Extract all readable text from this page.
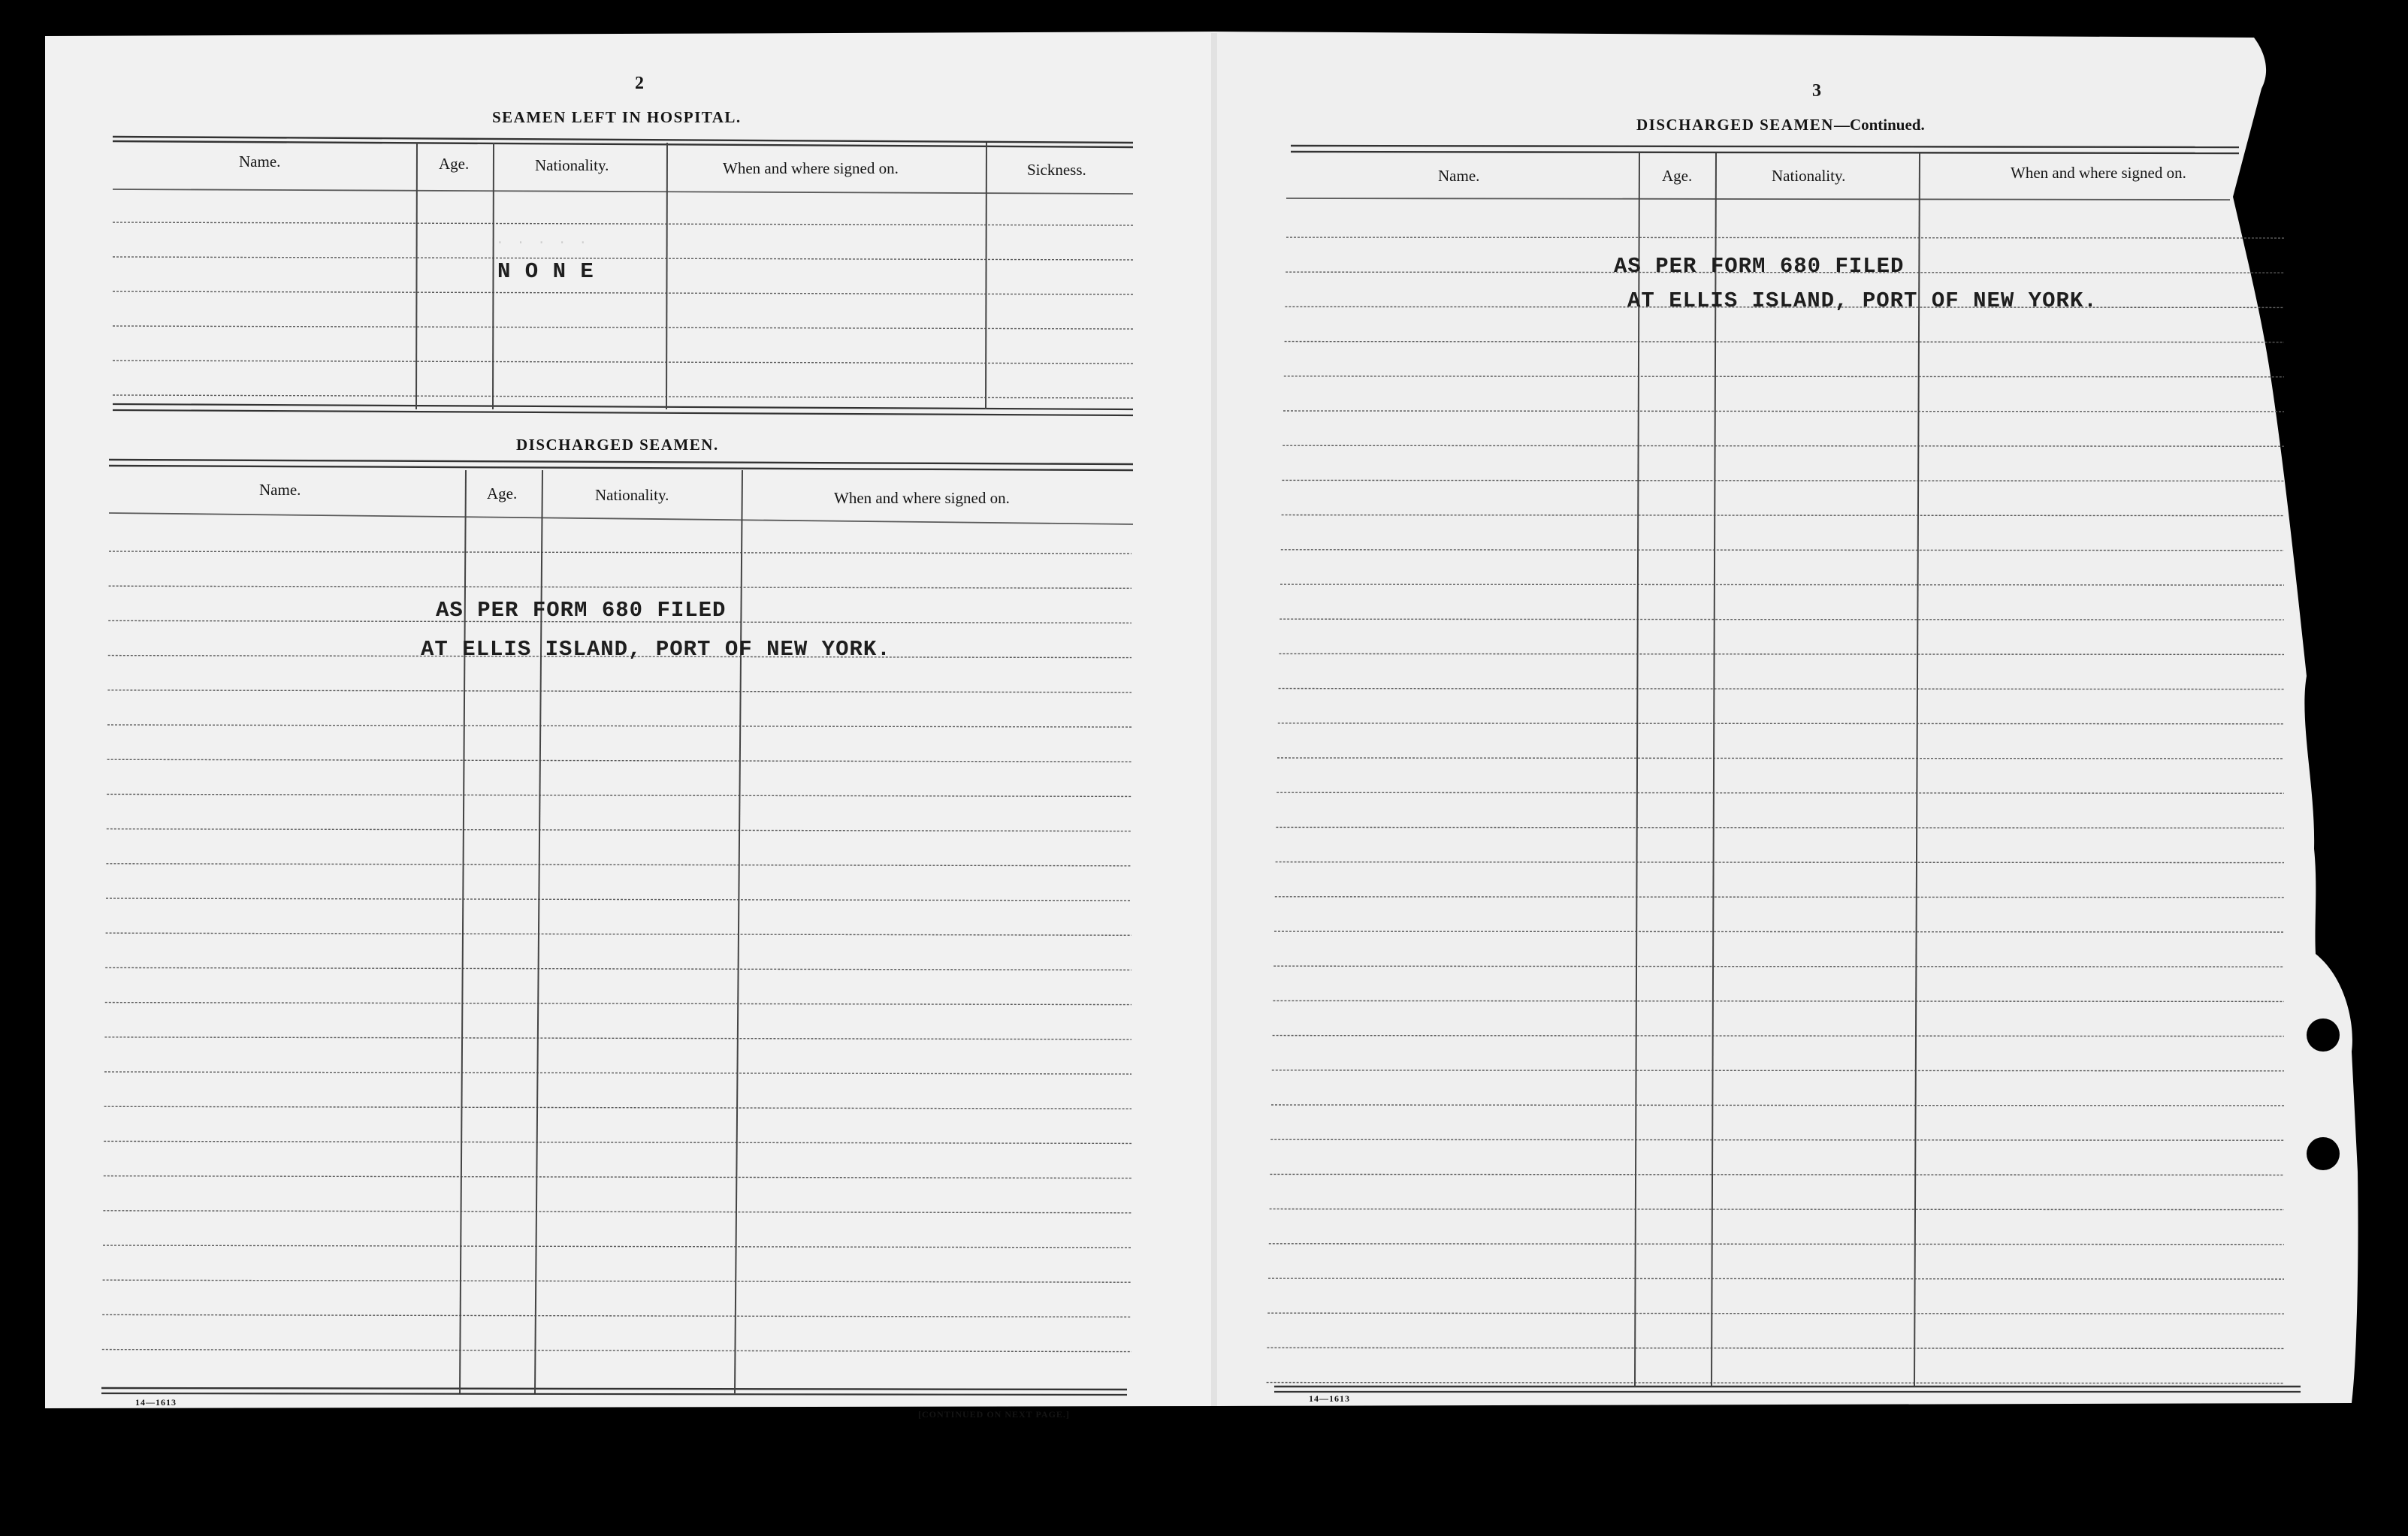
2
SEAMEN LEFT IN HOSPITAL.
Name.	Age.	Nationality.	When and where signed on.	Sickness.
N O N E
· · · · ·
DISCHARGED SEAMEN.
Name.	Age.	Nationality.	When and where signed on.
AS PER FORM 680 FILED
AT ELLIS ISLAND, PORT OF NEW YORK.
14—1613
[CONTINUED ON NEXT PAGE.]
3
DISCHARGED SEAMEN—Continued.
Name.	Age.	Nationality.	When and where signed on.
AS PER FORM 680 FILED
AT ELLIS ISLAND, PORT OF NEW YORK.
14—1613
